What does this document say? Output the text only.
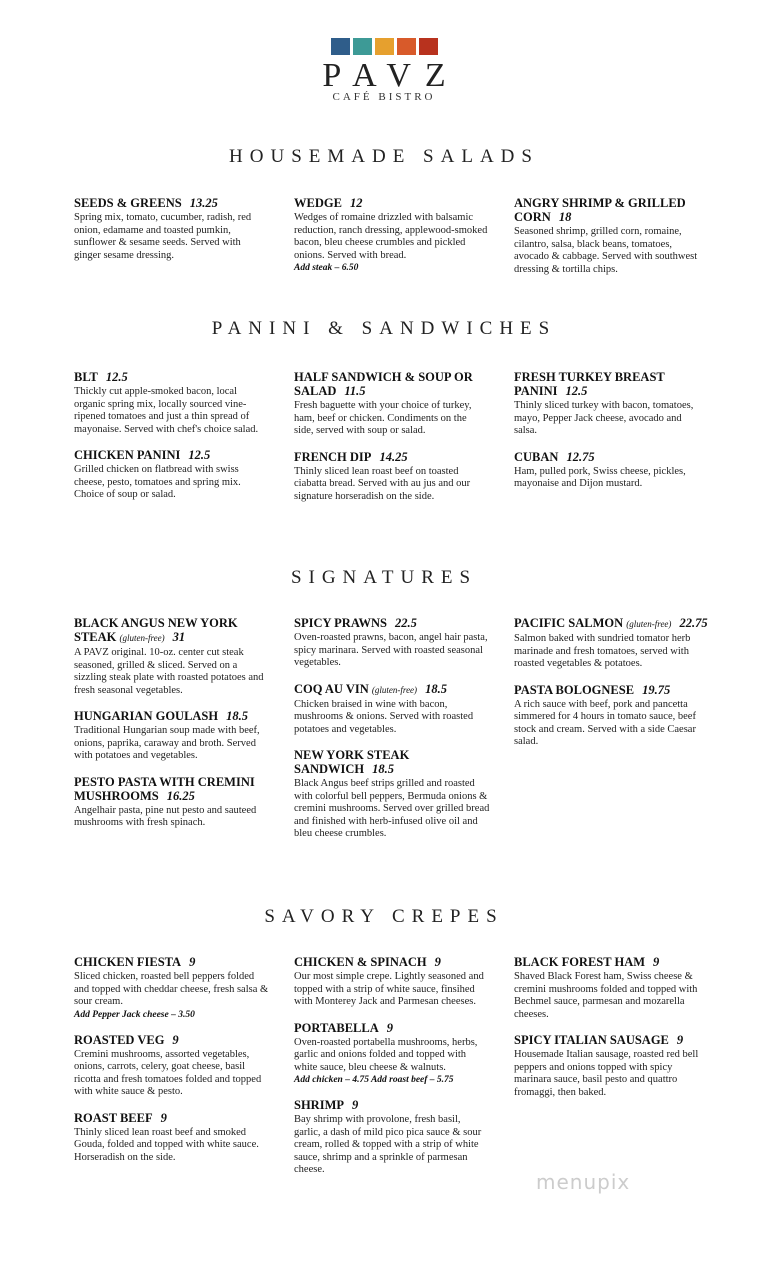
PAVZ
CAFÉ BISTRO
HOUSEMADE SALADS
SEEDS & GREENS 13.25
Spring mix, tomato, cucumber, radish, red onion, edamame and toasted pumkin, sunflower & sesame seeds. Served with ginger sesame dressing.
WEDGE 12
Wedges of romaine drizzled with balsamic reduction, ranch dressing, applewood-smoked bacon, bleu cheese crumbles and pickled onions. Served with bread.
Add steak – 6.50
ANGRY SHRIMP & GRILLED CORN 18
Seasoned shrimp, grilled corn, romaine, cilantro, salsa, black beans, tomatoes, avocado & cabbage. Served with southwest dressing & tortilla chips.
PANINI & SANDWICHES
BLT 12.5
Thickly cut apple-smoked bacon, local organic spring mix, locally sourced vine-ripened tomatoes and just a thin spread of mayonaise. Served with chef's choice salad.
CHICKEN PANINI 12.5
Grilled chicken on flatbread with swiss cheese, pesto, tomatoes and spring mix. Choice of soup or salad.
HALF SANDWICH & SOUP OR SALAD 11.5
Fresh baguette with your choice of turkey, ham, beef or chicken. Condiments on the side, served with soup or salad.
FRENCH DIP 14.25
Thinly sliced lean roast beef on toasted ciabatta bread. Served with au jus and our signature horseradish on the side.
FRESH TURKEY BREAST PANINI 12.5
Thinly sliced turkey with bacon, tomatoes, mayo, Pepper Jack cheese, avocado and salsa.
CUBAN 12.75
Ham, pulled pork, Swiss cheese, pickles, mayonaise and Dijon mustard.
SIGNATURES
BLACK ANGUS NEW YORK STEAK (gluten-free) 31
A PAVZ original. 10-oz. center cut steak seasoned, grilled & sliced. Served on a sizzling steak plate with roasted potatoes and fresh seasonal vegetables.
HUNGARIAN GOULASH 18.5
Traditional Hungarian soup made with beef, onions, paprika, caraway and broth. Served with potatoes and vegetables.
PESTO PASTA WITH CREMINI MUSHROOMS 16.25
Angelhair pasta, pine nut pesto and sauteed mushrooms with fresh spinach.
SPICY PRAWNS 22.5
Oven-roasted prawns, bacon, angel hair pasta, spicy marinara. Served with roasted seasonal vegetables.
COQ AU VIN (gluten-free) 18.5
Chicken braised in wine with bacon, mushrooms & onions. Served with roasted potatoes and vegetables.
NEW YORK STEAK SANDWICH 18.5
Black Angus beef strips grilled and roasted with colorful bell peppers, Bermuda onions & cremini mushrooms. Served over grilled bread and finished with herb-infused olive oil and bleu cheese crumbles.
PACIFIC SALMON (gluten-free) 22.75
Salmon baked with sundried tomator herb marinade and fresh tomatoes, served with roasted vegetables & potatoes.
PASTA BOLOGNESE 19.75
A rich sauce with beef, pork and pancetta simmered for 4 hours in tomato sauce, beef stock and cream. Served with a side Caesar salad.
SAVORY CREPES
CHICKEN FIESTA 9
Sliced chicken, roasted bell peppers folded and topped with cheddar cheese, fresh salsa & sour cream.
Add Pepper Jack cheese – 3.50
ROASTED VEG 9
Cremini mushrooms, assorted vegetables, onions, carrots, celery, goat cheese, basil ricotta and fresh tomatoes folded and topped with white sauce & pesto.
ROAST BEEF 9
Thinly sliced lean roast beef and smoked Gouda, folded and topped with white sauce. Horseradish on the side.
CHICKEN & SPINACH 9
Our most simple crepe. Lightly seasoned and topped with a strip of white sauce, finsihed with Monterey Jack and Parmesan cheeses.
PORTABELLA 9
Oven-roasted portabella mushrooms, herbs, garlic and onions folded and topped with white sauce, bleu cheese & walnuts.
Add chicken – 4.75 Add roast beef – 5.75
SHRIMP 9
Bay shrimp with provolone, fresh basil, garlic, a dash of mild pico pica sauce & sour cream, rolled & topped with a strip of white sauce, shrimp and a sprinkle of parmesan cheese.
BLACK FOREST HAM 9
Shaved Black Forest ham, Swiss cheese & cremini mushrooms folded and topped with Bechmel sauce, parmesan and mozarella cheeses.
SPICY ITALIAN SAUSAGE 9
Housemade Italian sausage, roasted red bell peppers and onions topped with spicy marinara sauce, basil pesto and quattro fromaggi, then baked.
menupix
